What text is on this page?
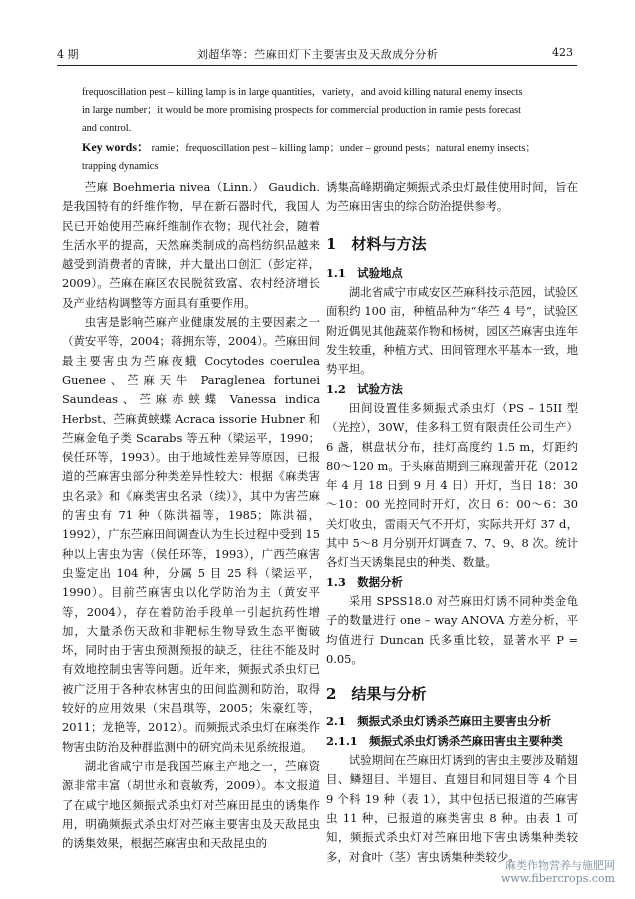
4 期	刘超华等：苎麻田灯下主要害虫及天敌成分分析	423

frequoscillation pest – killing lamp is in large quantities，variety，and avoid killing natural enemy insects

in large number；it would be more promising prospects for commercial production in ramie pests forecast

and control.

Key words： ramie；frequoscillation pest – killing lamp；under – ground pests；natural enemy insects；

trapping dynamics

苎麻 Boehmeria nivea（Linn.） Gaudich. 是我国特有的纤维作物，早在新石器时代，我国人民已开始使用苎麻纤维制作衣物；现代社会，随着生活水平的提高，天然麻类制成的高档纺织品越来越受到消费者的青睐，并大量出口创汇（彭定祥，2009）。苎麻在麻区农民脱贫致富、农村经济增长及产业结构调整等方面具有重要作用。

虫害是影响苎麻产业健康发展的主要因素之一（黄安平等，2004；蒋拥东等，2004）。苎麻田间最主要害虫为苎麻夜蛾 Cocytodes coerulea Guenee、苎麻天牛 Paraglenea fortunei Saundeas、苎麻赤蛱蝶 Vanessa indica Herbst、苎麻黄蛱蝶 Acraca issorie Hubner 和苎麻金龟子类 Scarabs 等五种（梁运平，1990；侯任环等，1993）。由于地域性差异等原因，已报道的苎麻害虫部分种类差异性较大：根据《麻类害虫名录》和《麻类害虫名录（续）》，其中为害苎麻的害虫有 71 种（陈洪福等，1985；陈洪福，1992），广东苎麻田间调查认为生长过程中受到 15 种以上害虫为害（侯任环等，1993），广西苎麻害虫鉴定出 104 种，分属 5 目 25 科（梁运平，1990）。目前苎麻害虫以化学防治为主（黄安平等，2004），存在着防治手段单一引起抗药性增加，大量杀伤天敌和非靶标生物导致生态平衡破坏，同时由于害虫预测预报的缺乏，往往不能及时有效地控制虫害等问题。近年来，频振式杀虫灯已被广泛用于各种农林害虫的田间监测和防治，取得较好的应用效果（宋昌琪等，2005；朱豪红等，2011；龙艳等，2012）。而频振式杀虫灯在麻类作物害虫防治及种群监测中的研究尚未见系统报道。

湖北省咸宁市是我国苎麻主产地之一，苎麻资源非常丰富（胡世永和袁敏秀，2009）。本文报道了在咸宁地区频振式杀虫灯对苎麻田昆虫的诱集作用，明确频振式杀虫灯对苎麻主要害虫及天敌昆虫的诱集效果，根据苎麻害虫和天敌昆虫的

诱集高峰期确定频振式杀虫灯最佳使用时间，旨在为苎麻田害虫的综合防治提供参考。

1　材料与方法

1.1　试验地点

湖北省咸宁市咸安区苎麻科技示范园，试验区面积约 100 亩，种植品种为“华苎 4 号”，试验区附近偶见其他蔬菜作物和杨树，园区苎麻害虫连年发生较重，种植方式、田间管理水平基本一致，地势平坦。

1.2　试验方法

田间设置佳多频振式杀虫灯（PS – 15II 型（光控），30W，佳多科工贸有限责任公司生产）6 盏，棋盘状分布，挂灯高度约 1.5 m，灯距约 80～120 m。于头麻苗期到三麻现蕾开花（2012 年 4 月 18 日到 9 月 4 日）开灯，当日 18：30～10：00 光控同时开灯，次日 6：00～6：30 关灯收虫，雷雨天气不开灯，实际共开灯 37 d，其中 5～8 月分别开灯调查 7、7、9、8 次。统计各灯当天诱集昆虫的种类、数量。

1.3　数据分析

采用 SPSS18.0 对苎麻田灯诱不同种类金龟子的数量进行 one – way ANOVA 方差分析，平均值进行 Duncan 氏多重比较，显著水平 P = 0.05。

2　结果与分析

2.1　频振式杀虫灯诱杀苎麻田主要害虫分析

2.1.1　频振式杀虫灯诱杀苎麻田害虫主要种类

试验期间在苎麻田灯诱到的害虫主要涉及鞘翅目、鳞翅目、半翅目、直翅目和同翅目等 4 个目 9 个科 19 种（表 1），其中包括已报道的苎麻害虫 11 种，已报道的麻类害虫 8 种。由表 1 可知，频振式杀虫灯对苎麻田地下害虫诱集种类较多，对食叶（茎）害虫诱集种类较少。

麻类作物营养与施肥网
www.fibercrops.com
